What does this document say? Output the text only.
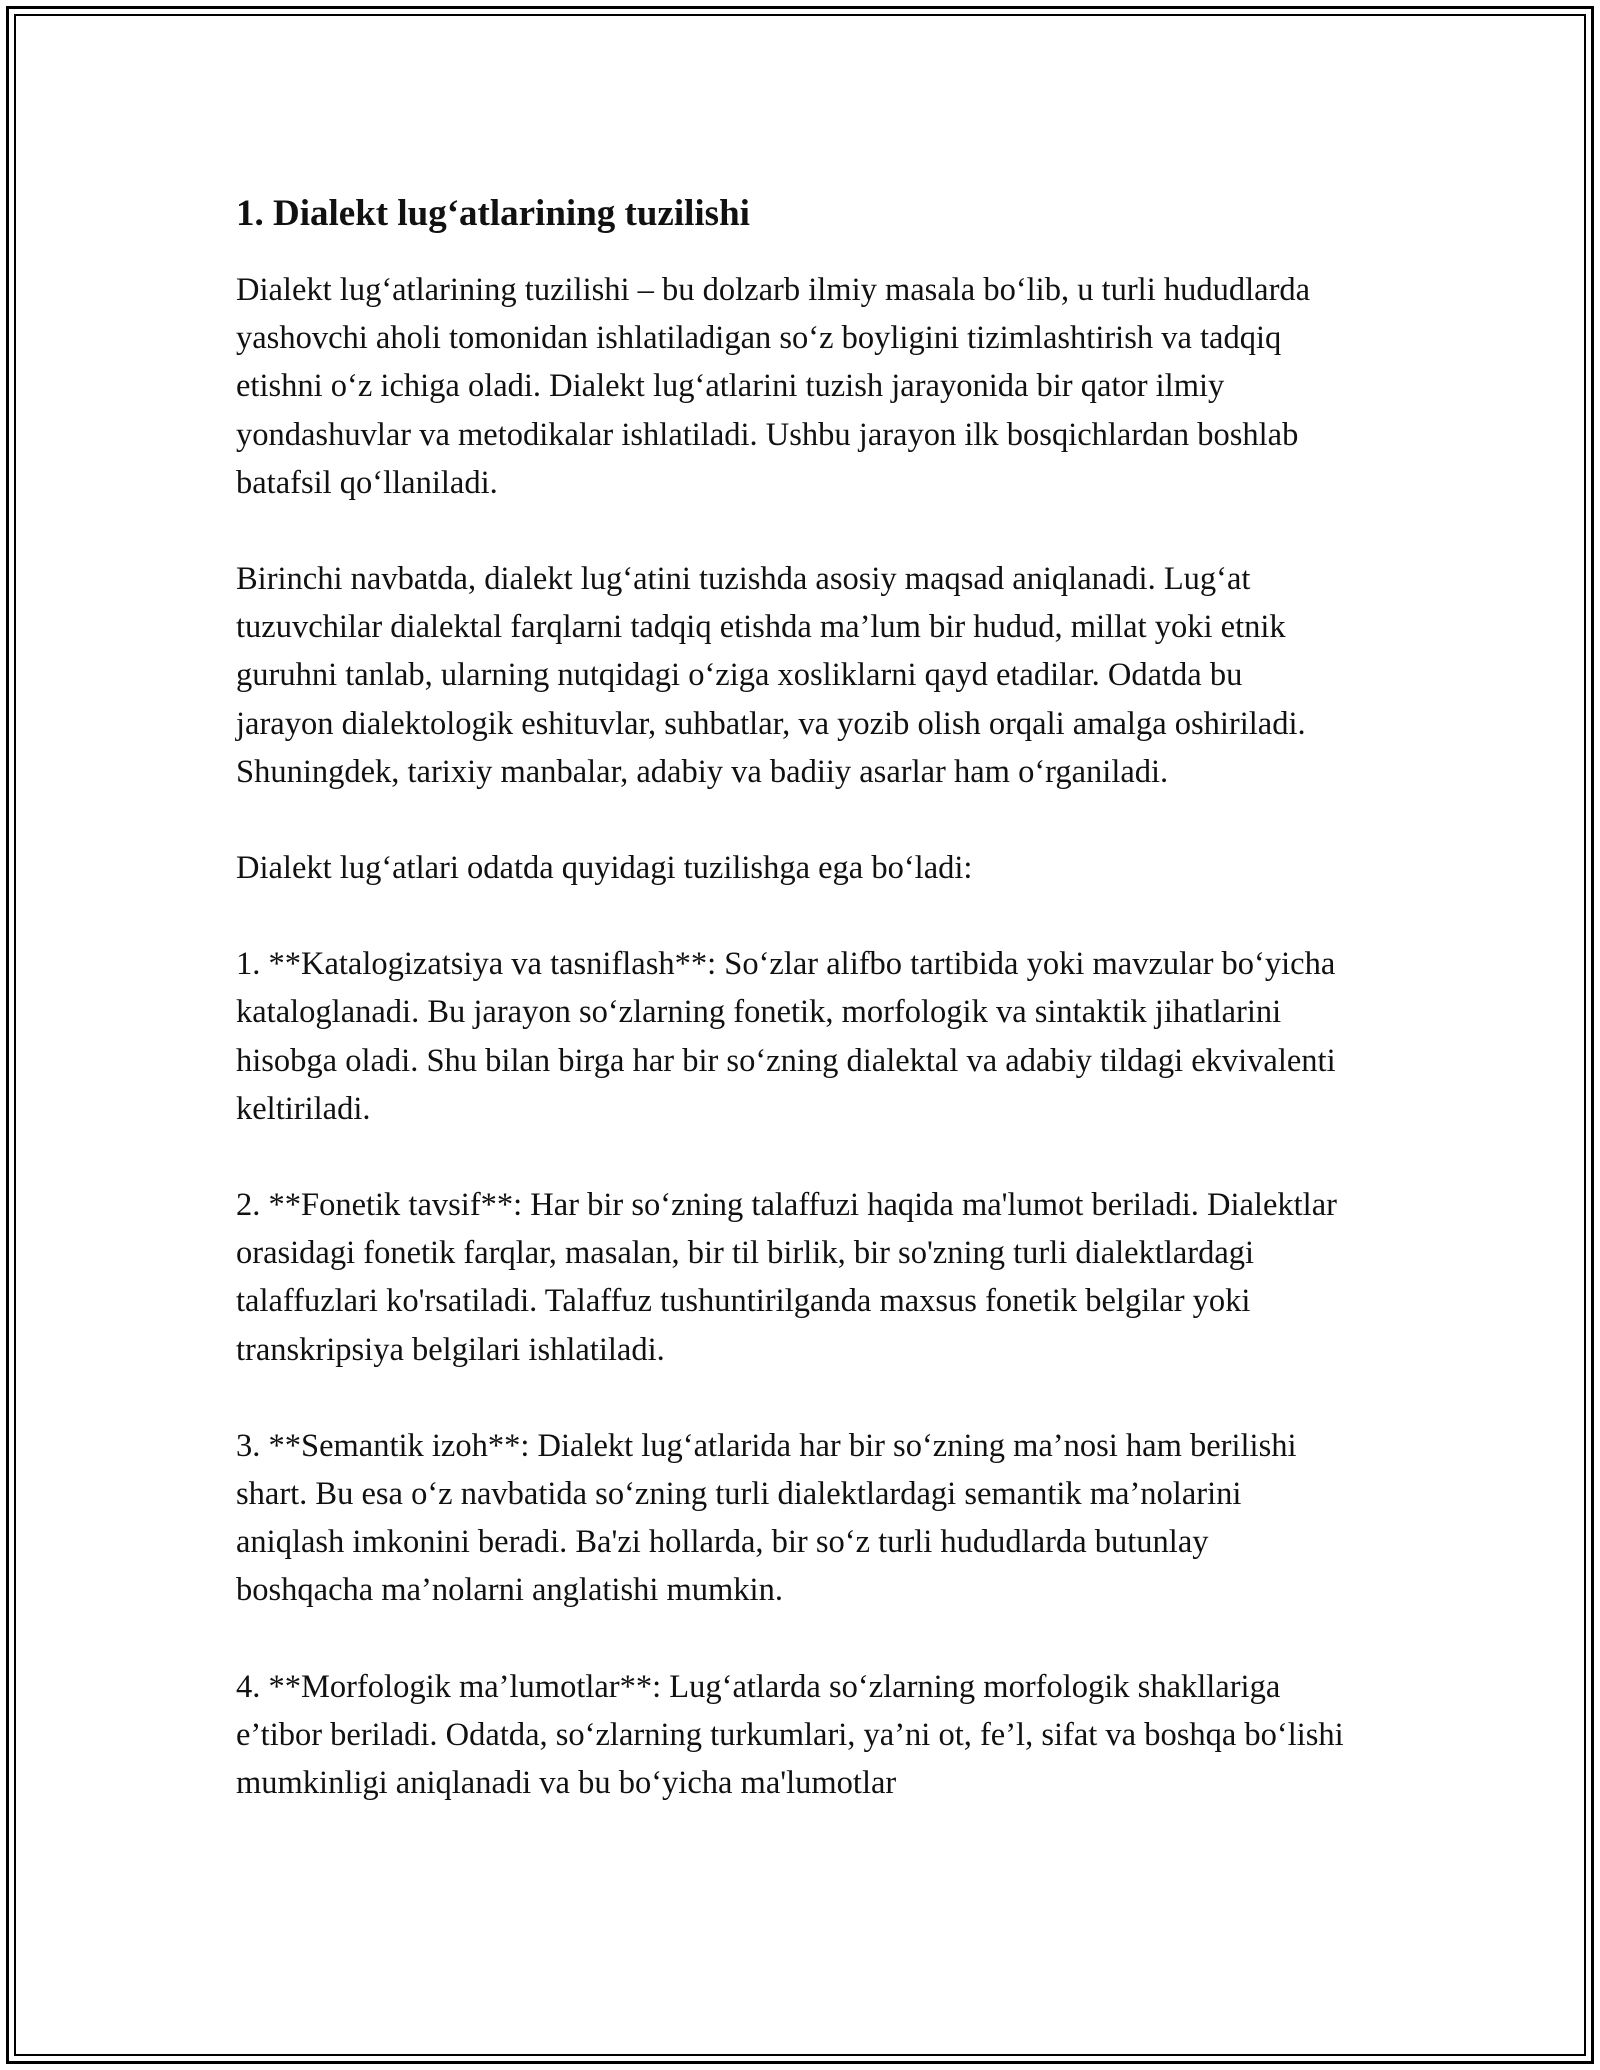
1. Dialekt lug‘atlarining tuzilishi

Dialekt lug‘atlarining tuzilishi – bu dolzarb ilmiy masala bo‘lib, u turli hududlarda yashovchi aholi tomonidan ishlatiladigan so‘z boyligini tizimlashtirish va tadqiq etishni o‘z ichiga oladi. Dialekt lug‘atlarini tuzish jarayonida bir qator ilmiy yondashuvlar va metodikalar ishlatiladi. Ushbu jarayon ilk bosqichlardan boshlab batafsil qo‘llaniladi.

Birinchi navbatda, dialekt lug‘atini tuzishda asosiy maqsad aniqlanadi. Lug‘at tuzuvchilar dialektal farqlarni tadqiq etishda ma’lum bir hudud, millat yoki etnik guruhni tanlab, ularning nutqidagi o‘ziga xosliklarni qayd etadilar. Odatda bu jarayon dialektologik eshituvlar, suhbatlar, va yozib olish orqali amalga oshiriladi. Shuningdek, tarixiy manbalar, adabiy va badiiy asarlar ham o‘rganiladi.

Dialekt lug‘atlari odatda quyidagi tuzilishga ega bo‘ladi:

1. **Katalogizatsiya va tasniflash**: So‘zlar alifbo tartibida yoki mavzular bo‘yicha kataloglanadi. Bu jarayon so‘zlarning fonetik, morfologik va sintaktik jihatlarini hisobga oladi. Shu bilan birga har bir so‘zning dialektal va adabiy tildagi ekvivalenti keltiriladi.

2. **Fonetik tavsif**: Har bir so‘zning talaffuzi haqida ma'lumot beriladi. Dialektlar orasidagi fonetik farqlar, masalan, bir til birlik, bir so'zning turli dialektlardagi talaffuzlari ko'rsatiladi. Talaffuz tushuntirilganda maxsus fonetik belgilar yoki transkripsiya belgilari ishlatiladi.

3. **Semantik izoh**: Dialekt lug‘atlarida har bir so‘zning ma’nosi ham berilishi shart. Bu esa o‘z navbatida so‘zning turli dialektlardagi semantik ma’nolarini aniqlash imkonini beradi. Ba'zi hollarda, bir so‘z turli hududlarda butunlay boshqacha ma’nolarni anglatishi mumkin.

4. **Morfologik ma’lumotlar**: Lug‘atlarda so‘zlarning morfologik shakllariga e’tibor beriladi. Odatda, so‘zlarning turkumlari, ya’ni ot, fe’l, sifat va boshqa bo‘lishi mumkinligi aniqlanadi va bu bo‘yicha ma'lumotlar
